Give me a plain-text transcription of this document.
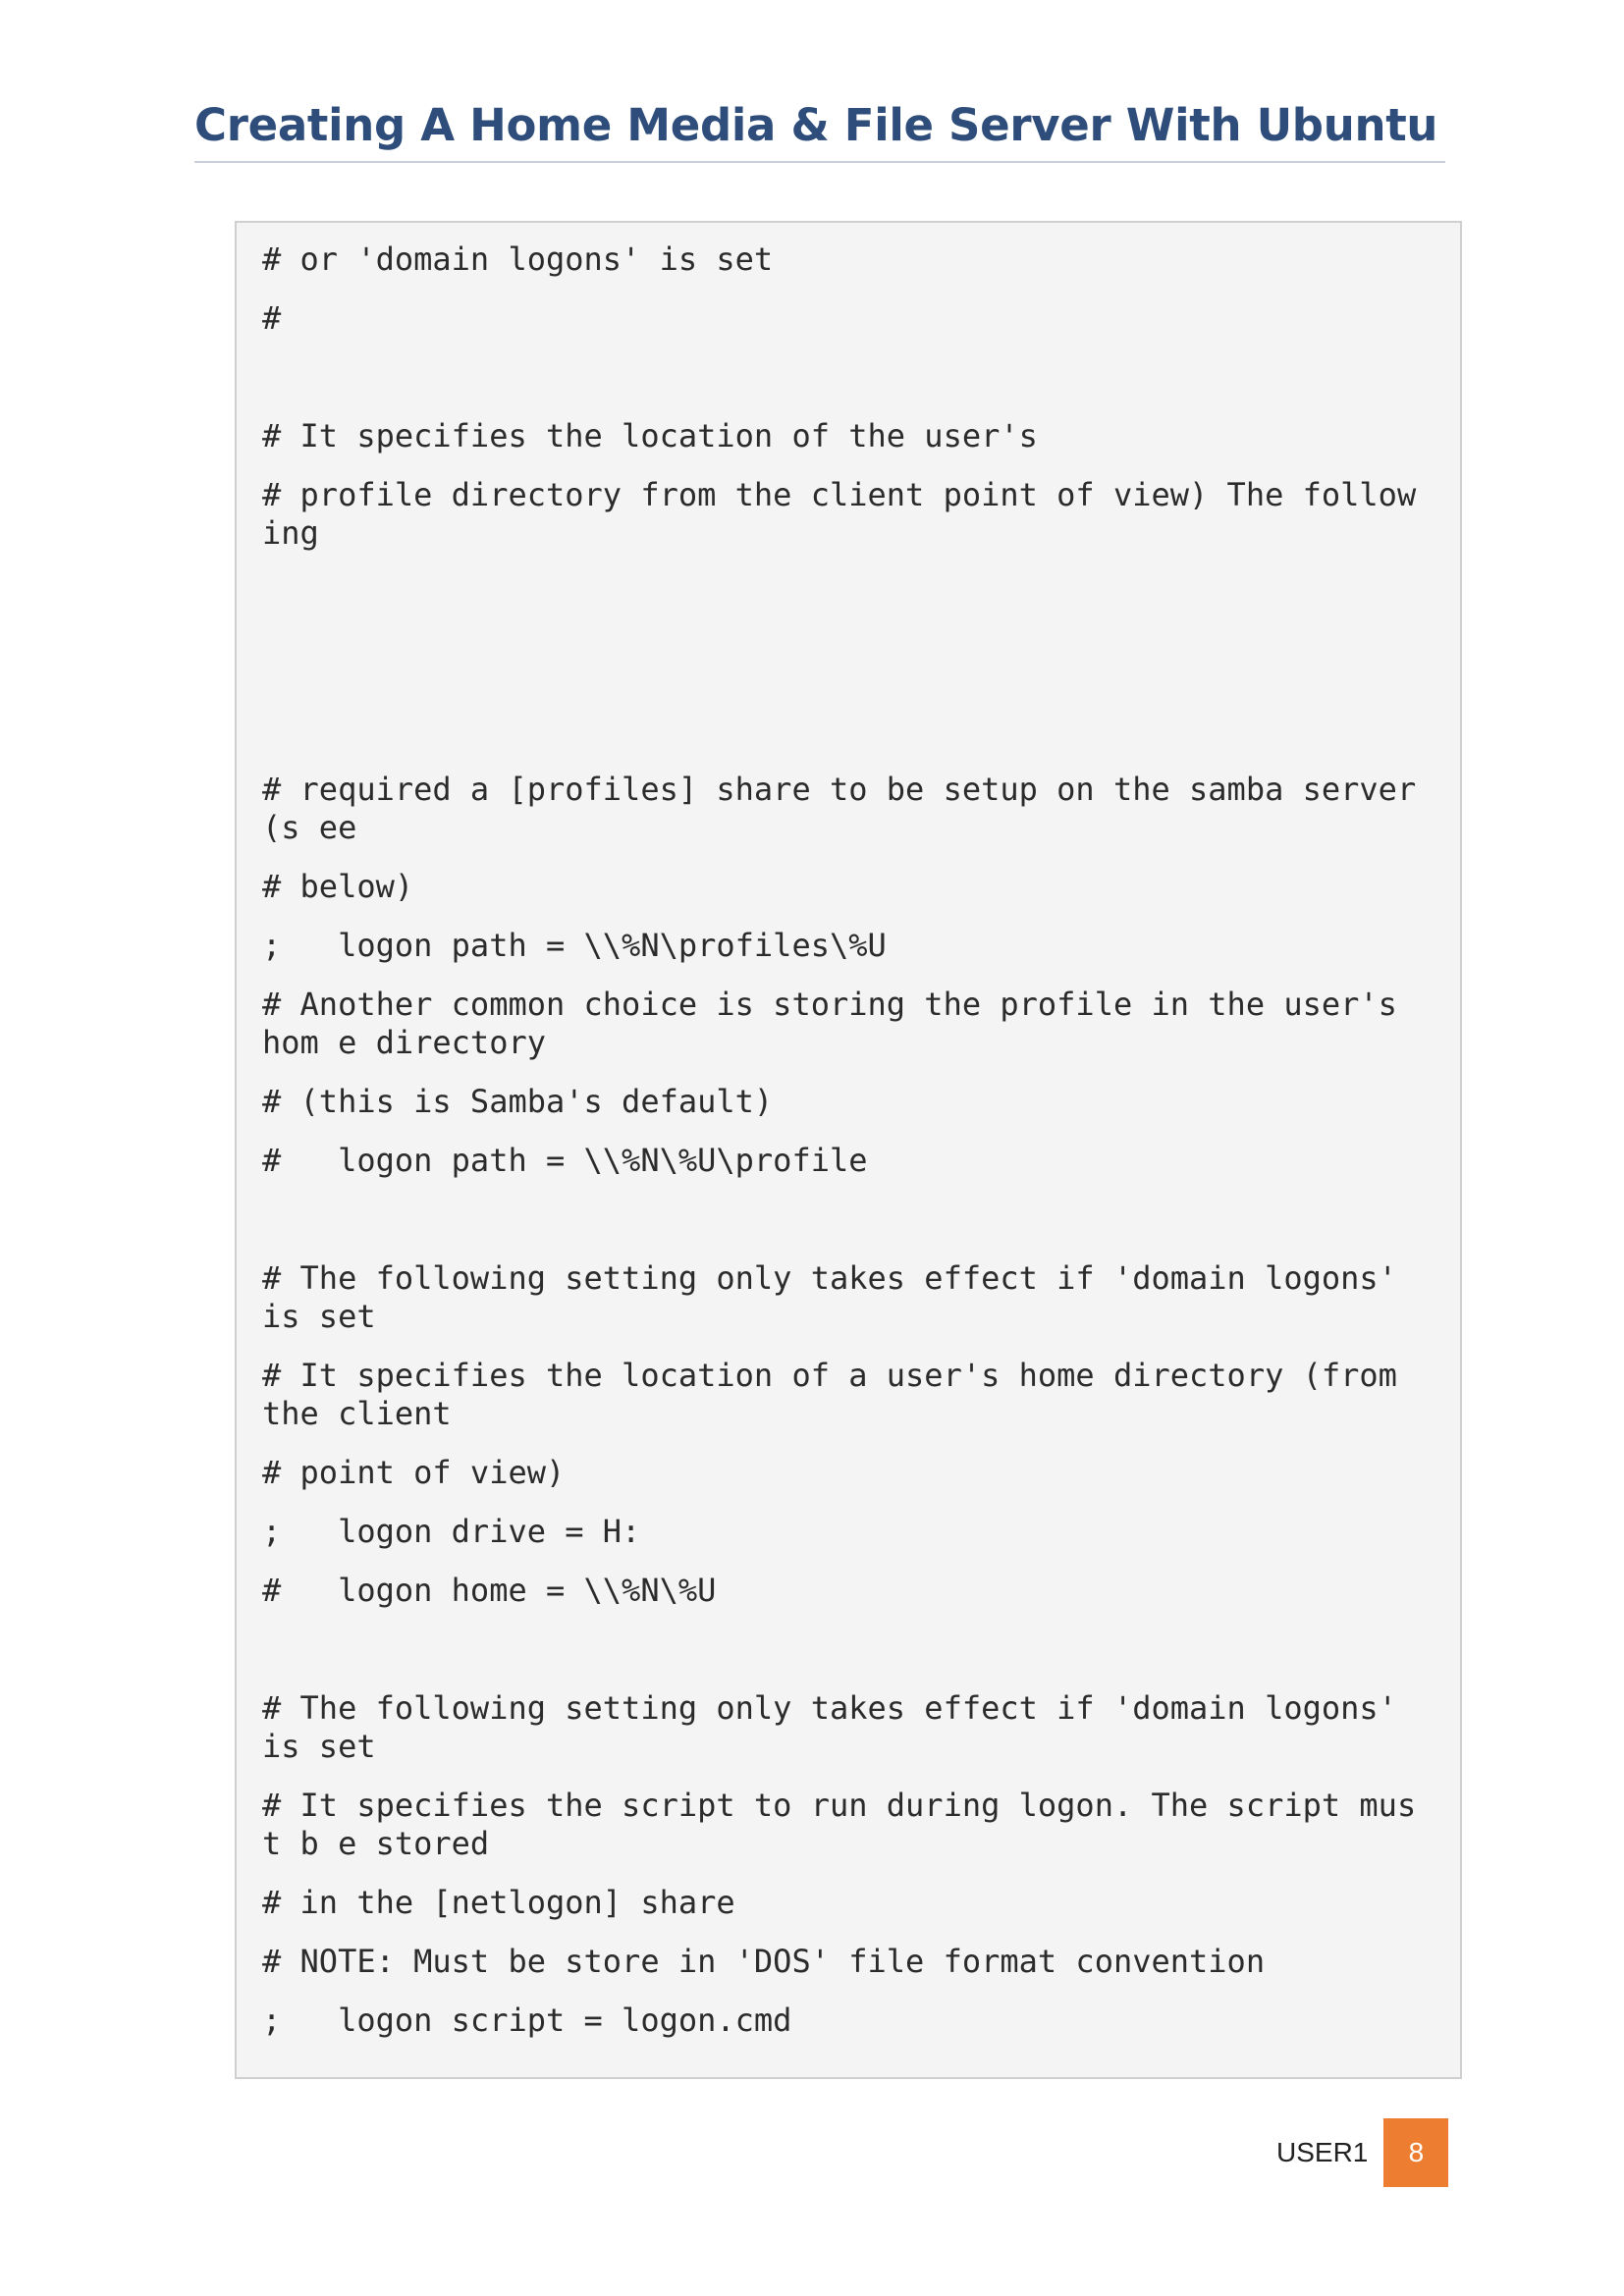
Creating A Home Media & File Server With Ubuntu
# or 'domain logons' is set
#
# It specifies the location of the user's
# profile directory from the client point of view) The following
# required a [profiles] share to be setup on the samba server (s ee
# below)
;   logon path = \\%N\profiles\%U
# Another common choice is storing the profile in the user's hom e directory
# (this is Samba's default)
#   logon path = \\%N\%U\profile
# The following setting only takes effect if 'domain logons' is set
# It specifies the location of a user's home directory (from the client
# point of view)
;   logon drive = H:
#   logon home = \\%N\%U
# The following setting only takes effect if 'domain logons' is set
# It specifies the script to run during logon. The script must b e stored
# in the [netlogon] share
# NOTE: Must be store in 'DOS' file format convention
;   logon script = logon.cmd
USER1	8
